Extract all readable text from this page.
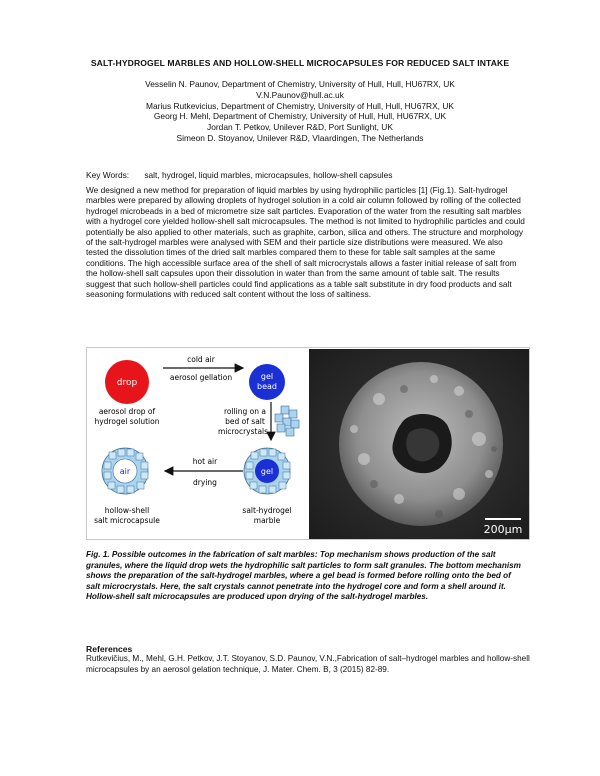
SALT-HYDROGEL MARBLES AND HOLLOW-SHELL MICROCAPSULES FOR REDUCED SALT INTAKE
Vesselin N. Paunov, Department of Chemistry, University of Hull, Hull, HU67RX, UK
V.N.Paunov@hull.ac.uk
Marius Rutkevicius, Department of Chemistry, University of Hull, Hull, HU67RX, UK
Georg H. Mehl, Department of Chemistry, University of Hull, Hull, HU67RX, UK
Jordan T. Petkov, Unilever R&D, Port Sunlight, UK
Simeon D. Stoyanov, Unilever R&D, Vlaardingen, The Netherlands
Key Words: salt, hydrogel, liquid marbles, microcapsules, hollow-shell capsules
We designed a new method for preparation of liquid marbles by using hydrophilic particles [1] (Fig.1). Salt-hydrogel marbles were prepared by allowing droplets of hydrogel solution in a cold air column followed by rolling of the collected hydrogel microbeads in a bed of micrometre size salt particles. Evaporation of the water from the resulting salt marbles with a hydrogel core yielded hollow-shell salt microcapsules. The method is not limited to hydrophilic particles and could potentially be also applied to other materials, such as graphite, carbon, silica and others. The structure and morphology of the salt-hydrogel marbles were analysed with SEM and their particle size distributions were measured. We also tested the dissolution times of the dried salt marbles compared them to these for table salt samples at the same conditions. The high accessible surface area of the shell of salt microcrystals allows a faster initial release of salt from the hollow-shell salt capsules upon their dissolution in water than from the same amount of table salt. The results suggest that such hollow-shell particles could find applications as a table salt substitute in dry food products and salt seasoning formulations with reduced salt content without the loss of saltiness.
drop
cold air
aerosol gellation	gel
bead
aerosol drop of
hydrogel solution
rolling on a
bed of salt
microcrystals
air
hot air
drying
gel
hollow-shell
salt microcapsule
salt-hydrogel
marble
200µm
Fig. 1. Possible outcomes in the fabrication of salt marbles: Top mechanism shows production of the salt granules, where the liquid drop wets the hydrophilic salt particles to form salt granules. The bottom mechanism shows the preparation of the salt-hydrogel marbles, where a gel bead is formed before rolling onto the bed of salt microcrystals. Here, the salt crystals cannot penetrate into the hydrogel core and form a shell around it. Hollow-shell salt microcapsules are produced upon drying of the salt-hydrogel marbles.
References
Rutkevičius, M., Mehl, G.H. Petkov, J.T. Stoyanov, S.D. Paunov, V.N.,Fabrication of salt–hydrogel marbles and hollow-shell microcapsules by an aerosol gelation technique, J. Mater. Chem. B, 3 (2015) 82-89.
